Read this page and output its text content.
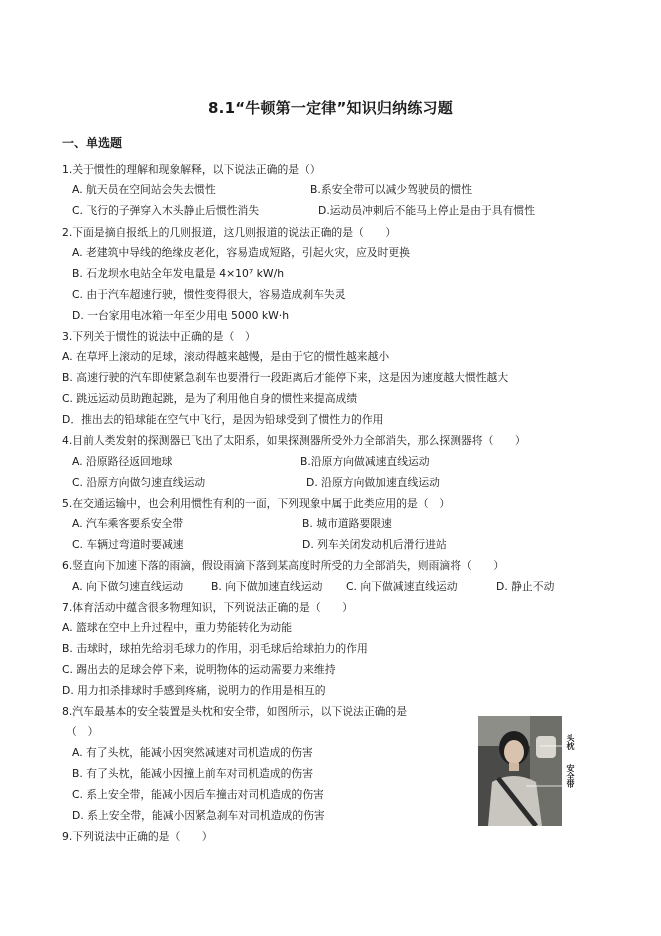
8.1“牛顿第一定律”知识归纳练习题
一、单选题
1.关于惯性的理解和现象解释，以下说法正确的是（）
A. 航天员在空间站会失去惯性	B.系安全带可以减少驾驶员的惯性
C. 飞行的子弹穿入木头静止后惯性消失	D.运动员冲刺后不能马上停止是由于具有惯性
2.下面是摘自报纸上的几则报道，这几则报道的说法正确的是（　　）
A. 老建筑中导线的绝缘皮老化，容易造成短路，引起火灾，应及时更换
B. 石龙坝水电站全年发电量是 4×10⁷ kW/h
C. 由于汽车超速行驶，惯性变得很大，容易造成刹车失灵
D. 一台家用电冰箱一年至少用电 5000 kW·h
3.下列关于惯性的说法中正确的是（　）
A. 在草坪上滚动的足球，滚动得越来越慢，是由于它的惯性越来越小
B. 高速行驶的汽车即使紧急刹车也要滑行一段距离后才能停下来，这是因为速度越大惯性越大
C. 跳远运动员助跑起跳，是为了利用他自身的惯性来提高成绩
D．推出去的铅球能在空气中飞行，是因为铅球受到了惯性力的作用
4.目前人类发射的探测器已飞出了太阳系，如果探测器所受外力全部消失，那么探测器将（　　）
A. 沿原路径返回地球	B.沿原方向做减速直线运动
C. 沿原方向做匀速直线运动	D. 沿原方向做加速直线运动
5.在交通运输中，也会利用惯性有利的一面，下列现象中属于此类应用的是（　）
A. 汽车乘客要系安全带	B. 城市道路要限速
C. 车辆过弯道时要减速	D. 列车关闭发动机后滑行进站
6.竖直向下加速下落的雨滴，假设雨滴下落到某高度时所受的力全部消失，则雨滴将（　　）
A. 向下做匀速直线运动	B. 向下做加速直线运动 C. 向下做减速直线运动	D. 静止不动
7.体育活动中蕴含很多物理知识，下列说法正确的是（　　）
A. 篮球在空中上升过程中，重力势能转化为动能
B. 击球时，球拍先给羽毛球力的作用，羽毛球后给球拍力的作用
C. 踢出去的足球会停下来，说明物体的运动需要力来维持
D. 用力扣杀排球时手感到疼痛，说明力的作用是相互的
8.汽车最基本的安全装置是头枕和安全带，如图所示，以下说法正确的是
（　）
A. 有了头枕，能减小因突然减速对司机造成的伤害
B. 有了头枕，能减小因撞上前车对司机造成的伤害
C. 系上安全带，能减小因后车撞击对司机造成的伤害
D. 系上安全带，能减小因紧急刹车对司机造成的伤害
头枕
安全带
9.下列说法中正确的是（　　）
